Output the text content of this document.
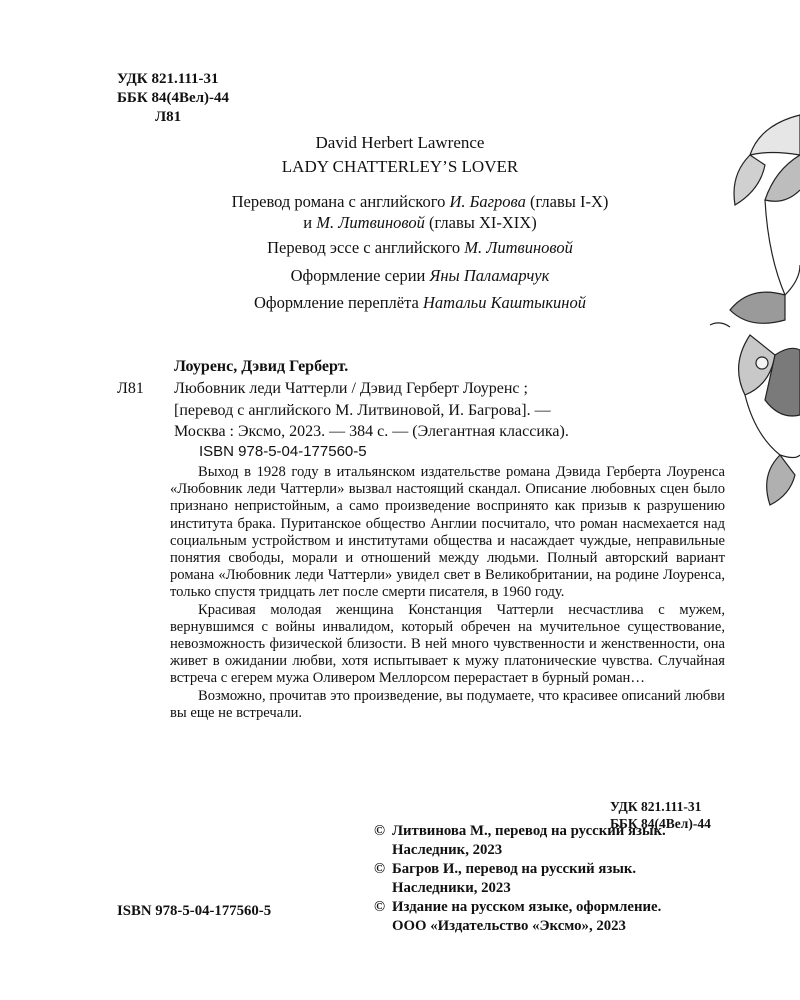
УДК 821.111-31
ББК 84(4Вел)-44
Л81
David Herbert Lawrence
LADY CHATTERLEY’S LOVER
Перевод романа с английского И. Багрова (главы I-X)
и М. Литвиновой (главы XI-XIX)
Перевод эссе с английского М. Литвиновой
Оформление серии Яны Паламарчук
Оформление переплёта Натальи Каштыкиной
Лоуренс, Дэвид Герберт.
Л81 Любовник леди Чаттерли / Дэвид Герберт Лоуренс ;
[перевод с английского М. Литвиновой, И. Багрова]. —
Москва : Эксмо, 2023. — 384 с. — (Элегантная классика).
ISBN 978-5-04-177560-5

Выход в 1928 году в итальянском издательстве романа Дэвида Герберта Лоуренса «Любовник леди Чаттерли» вызвал настоящий скандал. Описание любовных сцен было признано непристойным, а само произведение воспринято как призыв к разрушению института брака. Пуританское общество Англии посчитало, что роман насмехается над социальным устройством и институтами общества и насаждает чуждые, неправильные понятия свободы, морали и отношений между людьми. Полный авторский вариант романа «Любовник леди Чаттерли» увидел свет в Великобритании, на родине Лоуренса, только спустя тридцать лет после смерти писателя, в 1960 году.

Красивая молодая женщина Констанция Чаттерли несчастлива с мужем, вернувшимся с войны инвалидом, который обречен на мучительное существование, невозможность физической близости. В ней много чувственности и женственности, она живет в ожидании любви, хотя испытывает к мужу платонические чувства. Случайная встреча с егерем мужа Оливером Меллорсом перерастает в бурный роман…

Возможно, прочитав это произведение, вы подумаете, что красивее описаний любви вы еще не встречали.

УДК 821.111-31
ББК 84(4Вел)-44
© Литвинова М., перевод на русский язык.
Наследник, 2023
© Багров И., перевод на русский язык.
Наследники, 2023
© Издание на русском языке, оформление.
ООО «Издательство «Эксмо», 2023
ISBN 978-5-04-177560-5
